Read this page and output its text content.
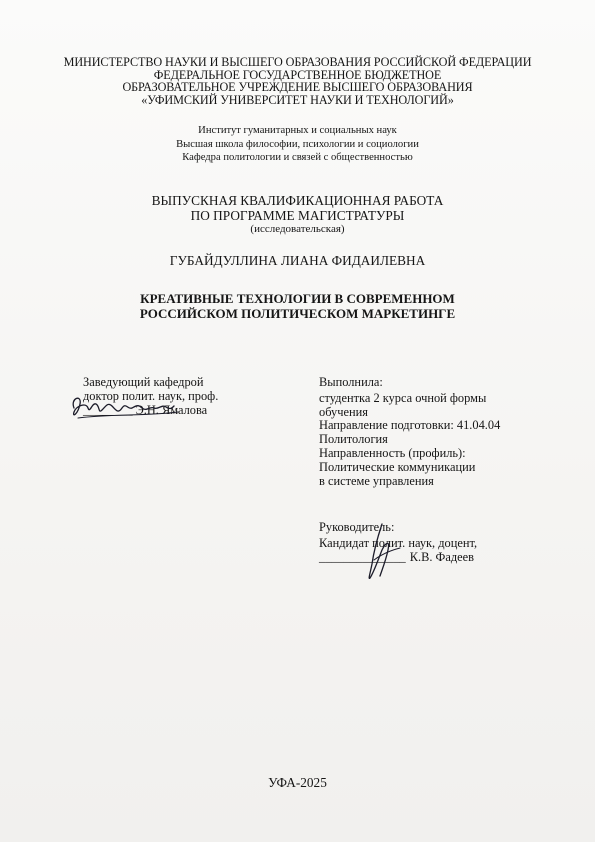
МИНИСТЕРСТВО НАУКИ И ВЫСШЕГО ОБРАЗОВАНИЯ РОССИЙСКОЙ ФЕДЕРАЦИИ
ФЕДЕРАЛЬНОЕ ГОСУДАРСТВЕННОЕ БЮДЖЕТНОЕ
ОБРАЗОВАТЕЛЬНОЕ УЧРЕЖДЕНИЕ ВЫСШЕГО ОБРАЗОВАНИЯ
«УФИМСКИЙ УНИВЕРСИТЕТ НАУКИ И ТЕХНОЛОГИЙ»
Институт гуманитарных и социальных наук
Высшая школа философии, психологии и социологии
Кафедра политологии и связей с общественностью
ВЫПУСКНАЯ КВАЛИФИКАЦИОННАЯ РАБОТА
ПО ПРОГРАММЕ МАГИСТРАТУРЫ
(исследовательская)
ГУБАЙДУЛЛИНА ЛИАНА ФИДАИЛЕВНА
КРЕАТИВНЫЕ ТЕХНОЛОГИИ В СОВРЕМЕННОМ
РОССИЙСКОМ ПОЛИТИЧЕСКОМ МАРКЕТИНГЕ
Заведующий кафедрой
доктор полит. наук, проф.
________ Э.Н. Ямалова
Выполнила:
студентка 2 курса очной формы
обучения
Направление подготовки: 41.04.04
Политология
Направленность (профиль):
Политические коммуникации
в системе управления
Руководитель:
Кандидат полит. наук, доцент,
______________ К.В. Фадеев
УФА-2025
